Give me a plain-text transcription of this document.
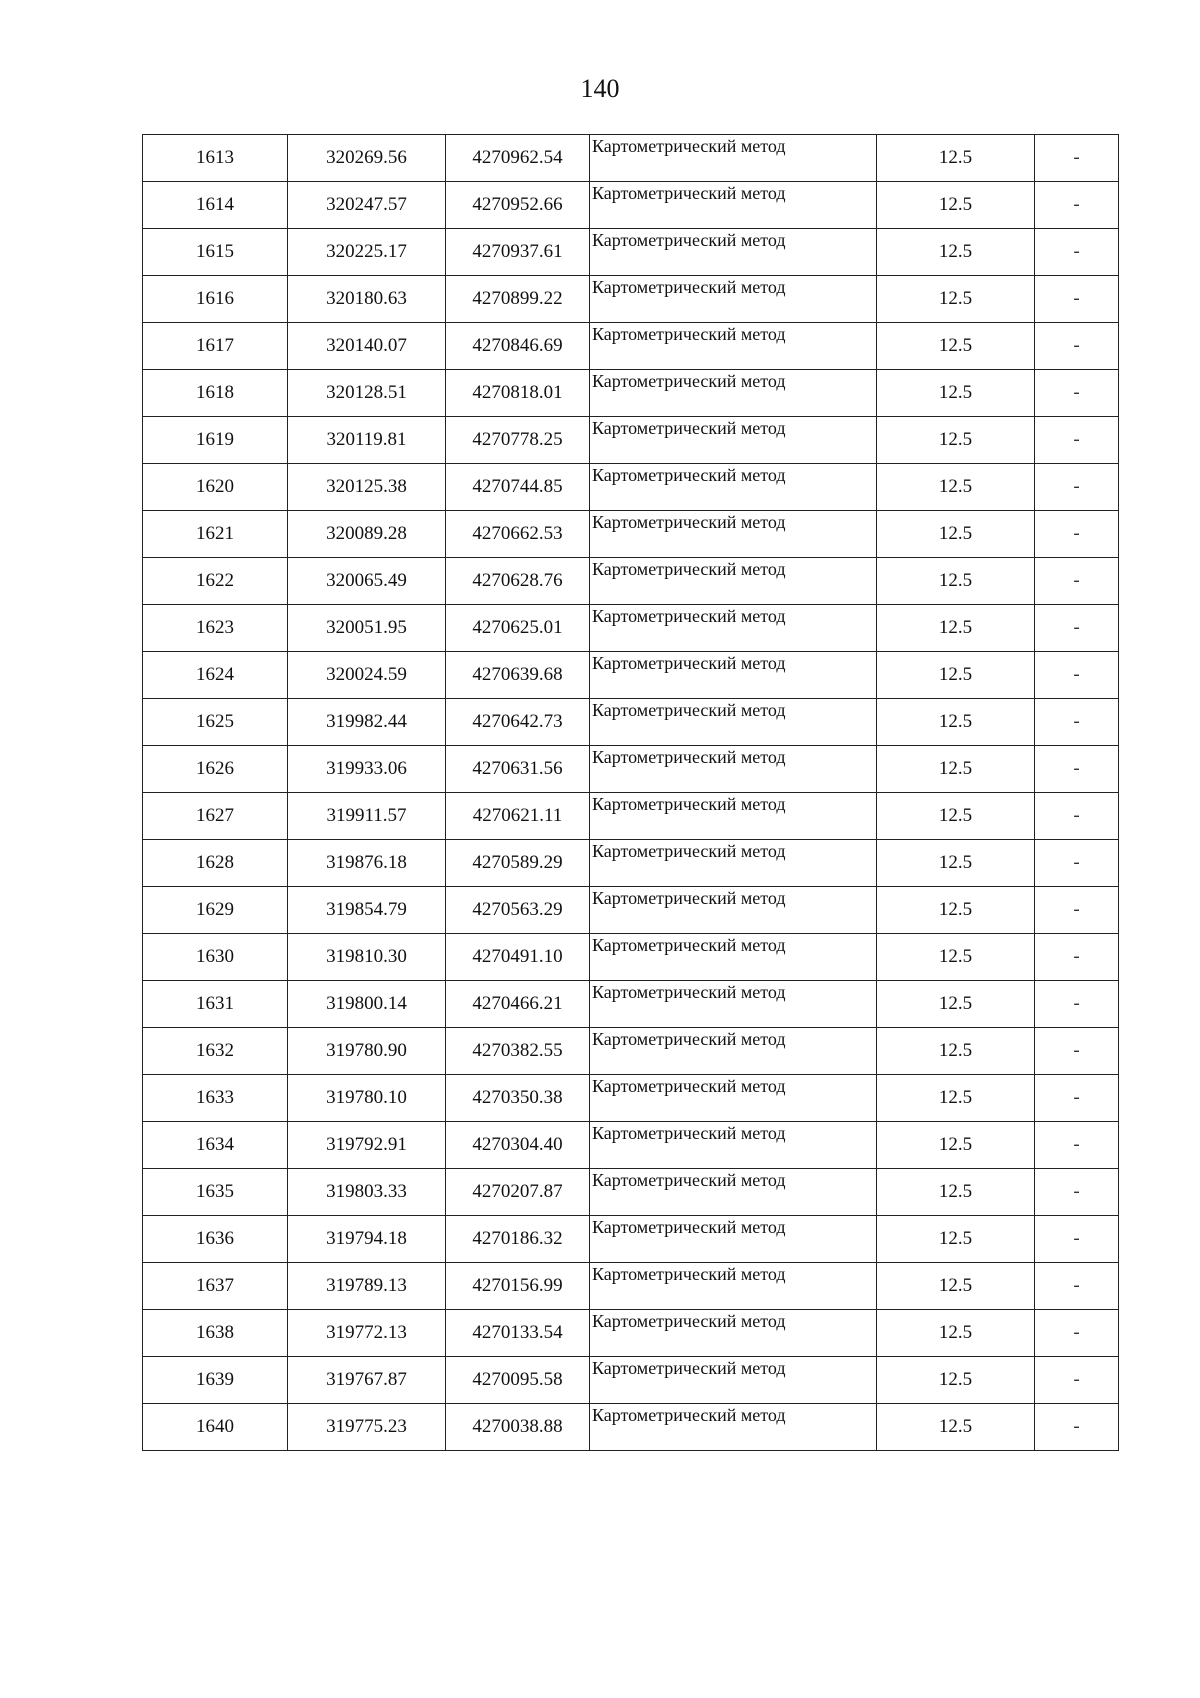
140
1613	320269.56	4270962.54	Картометрический метод	12.5	-
1614	320247.57	4270952.66	Картометрический метод	12.5	-
1615	320225.17	4270937.61	Картометрический метод	12.5	-
1616	320180.63	4270899.22	Картометрический метод	12.5	-
1617	320140.07	4270846.69	Картометрический метод	12.5	-
1618	320128.51	4270818.01	Картометрический метод	12.5	-
1619	320119.81	4270778.25	Картометрический метод	12.5	-
1620	320125.38	4270744.85	Картометрический метод	12.5	-
1621	320089.28	4270662.53	Картометрический метод	12.5	-
1622	320065.49	4270628.76	Картометрический метод	12.5	-
1623	320051.95	4270625.01	Картометрический метод	12.5	-
1624	320024.59	4270639.68	Картометрический метод	12.5	-
1625	319982.44	4270642.73	Картометрический метод	12.5	-
1626	319933.06	4270631.56	Картометрический метод	12.5	-
1627	319911.57	4270621.11	Картометрический метод	12.5	-
1628	319876.18	4270589.29	Картометрический метод	12.5	-
1629	319854.79	4270563.29	Картометрический метод	12.5	-
1630	319810.30	4270491.10	Картометрический метод	12.5	-
1631	319800.14	4270466.21	Картометрический метод	12.5	-
1632	319780.90	4270382.55	Картометрический метод	12.5	-
1633	319780.10	4270350.38	Картометрический метод	12.5	-
1634	319792.91	4270304.40	Картометрический метод	12.5	-
1635	319803.33	4270207.87	Картометрический метод	12.5	-
1636	319794.18	4270186.32	Картометрический метод	12.5	-
1637	319789.13	4270156.99	Картометрический метод	12.5	-
1638	319772.13	4270133.54	Картометрический метод	12.5	-
1639	319767.87	4270095.58	Картометрический метод	12.5	-
1640	319775.23	4270038.88	Картометрический метод	12.5	-
